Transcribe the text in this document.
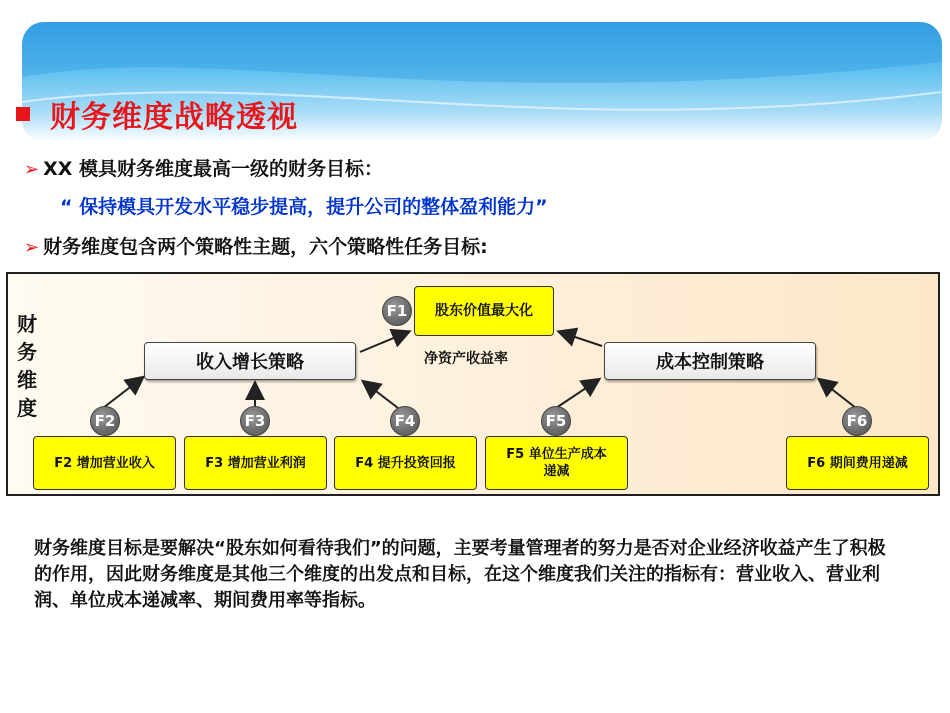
财务维度战略透视
➢ XX 模具财务维度最高一级的财务目标：
“ 保持模具开发水平稳步提高，提升公司的整体盈利能力”
➢ 财务维度包含两个策略性主题，六个策略性任务目标:
财务维度
股东价值最大化
F1
净资产收益率
收入增长策略	成本控制策略
F2	F3	F4	F5	F6
F2 增加营业收入	F3 增加营业利润	F4 提升投资回报
F5 单位生产成本递减
F6 期间费用递减
财务维度目标是要解决“股东如何看待我们”的问题，主要考量管理者的努力是否对企业经济收益产生了积极的作用，因此财务维度是其他三个维度的出发点和目标，在这个维度我们关注的指标有：营业收入、营业利润、单位成本递减率、期间费用率等指标。
